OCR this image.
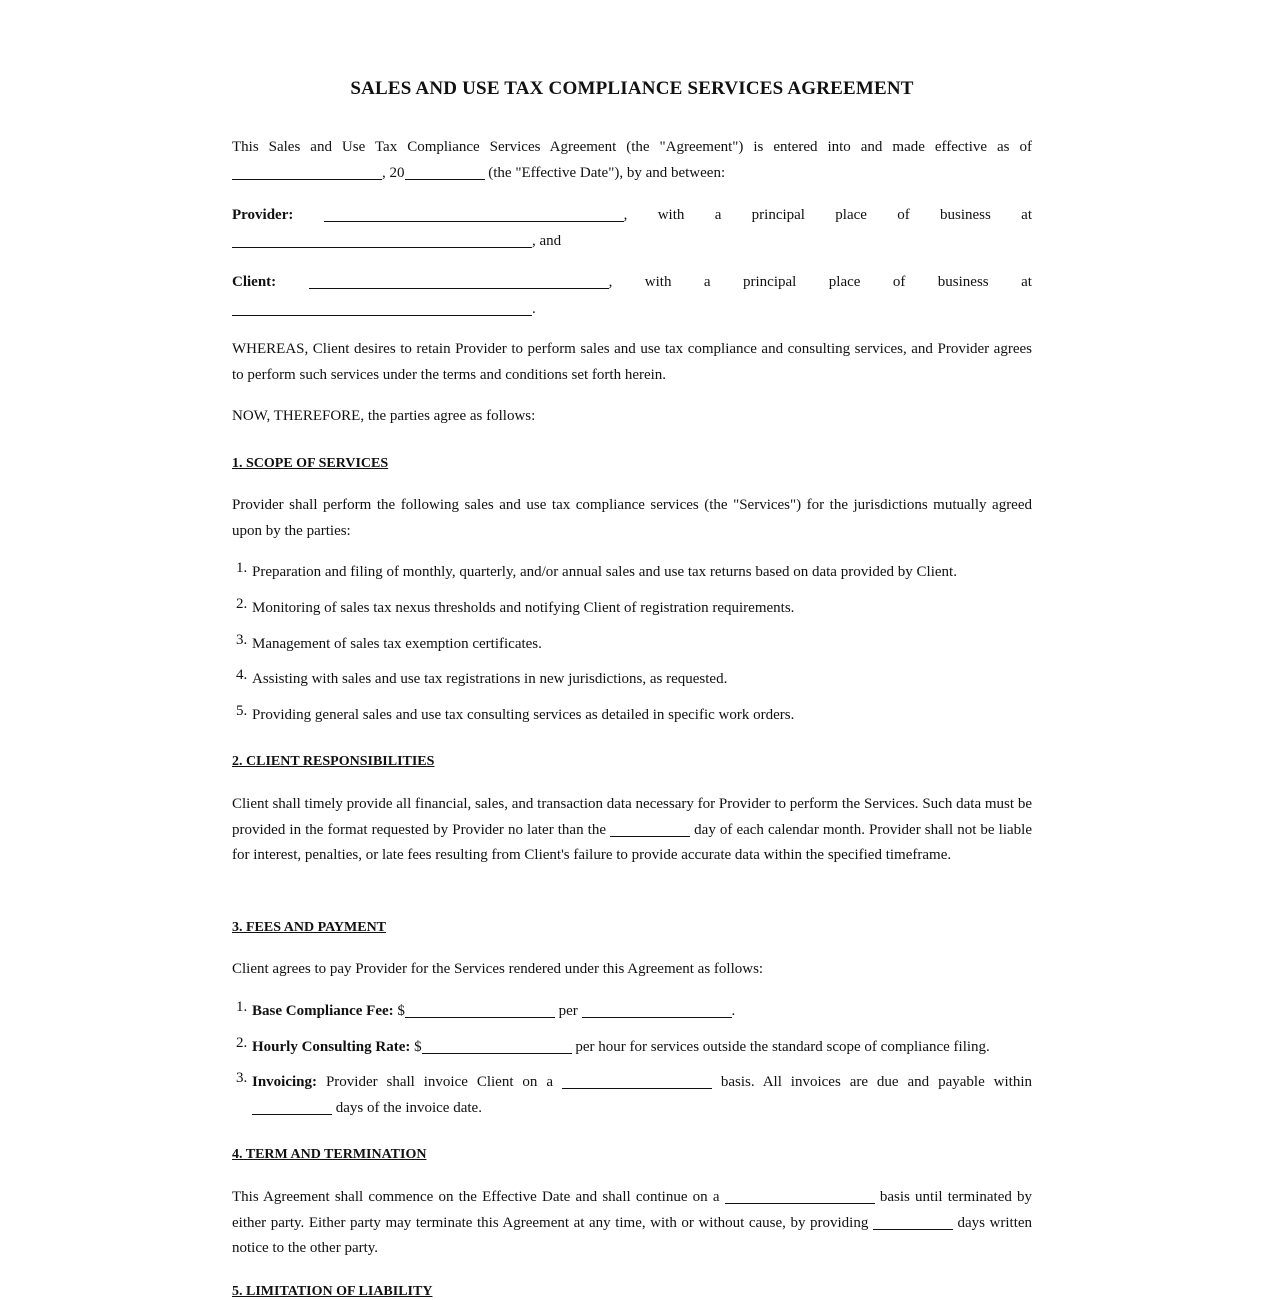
SALES AND USE TAX COMPLIANCE SERVICES AGREEMENT
This Sales and Use Tax Compliance Services Agreement (the "Agreement") is entered into and made effective as of
, 20	(the "Effective Date"), by and between:
Provider:	, with a principal place of business at
, and
Client:	, with a principal place of business at
.
WHEREAS, Client desires to retain Provider to perform sales and use tax compliance and consulting services, and Provider agrees to perform such services under the terms and conditions set forth herein.
NOW, THEREFORE, the parties agree as follows:
1. SCOPE OF SERVICES
Provider shall perform the following sales and use tax compliance services (the "Services") for the jurisdictions mutually agreed upon by the parties:
1. Preparation and filing of monthly, quarterly, and/or annual sales and use tax returns based on data provided by Client.
2. Monitoring of sales tax nexus thresholds and notifying Client of registration requirements.
3. Management of sales tax exemption certificates.
4. Assisting with sales and use tax registrations in new jurisdictions, as requested.
5. Providing general sales and use tax consulting services as detailed in specific work orders.
2. CLIENT RESPONSIBILITIES
Client shall timely provide all financial, sales, and transaction data necessary for Provider to perform the Services. Such data must be provided in the format requested by Provider no later than the	day of each calendar month. Provider shall not be liable for interest, penalties, or late fees resulting from Client's failure to provide accurate data within the specified timeframe.
3. FEES AND PAYMENT
Client agrees to pay Provider for the Services rendered under this Agreement as follows:
1. Base Compliance Fee: $	per	.
2. Hourly Consulting Rate: $	per hour for services outside the standard scope of compliance filing.
3. Invoicing: Provider shall invoice Client on a	basis. All invoices are due and payable within  days of the invoice date.
4. TERM AND TERMINATION
This Agreement shall commence on the Effective Date and shall continue on a	basis until terminated by either party. Either party may terminate this Agreement at any time, with or without cause, by providing	days written notice to the other party.
5. LIMITATION OF LIABILITY
